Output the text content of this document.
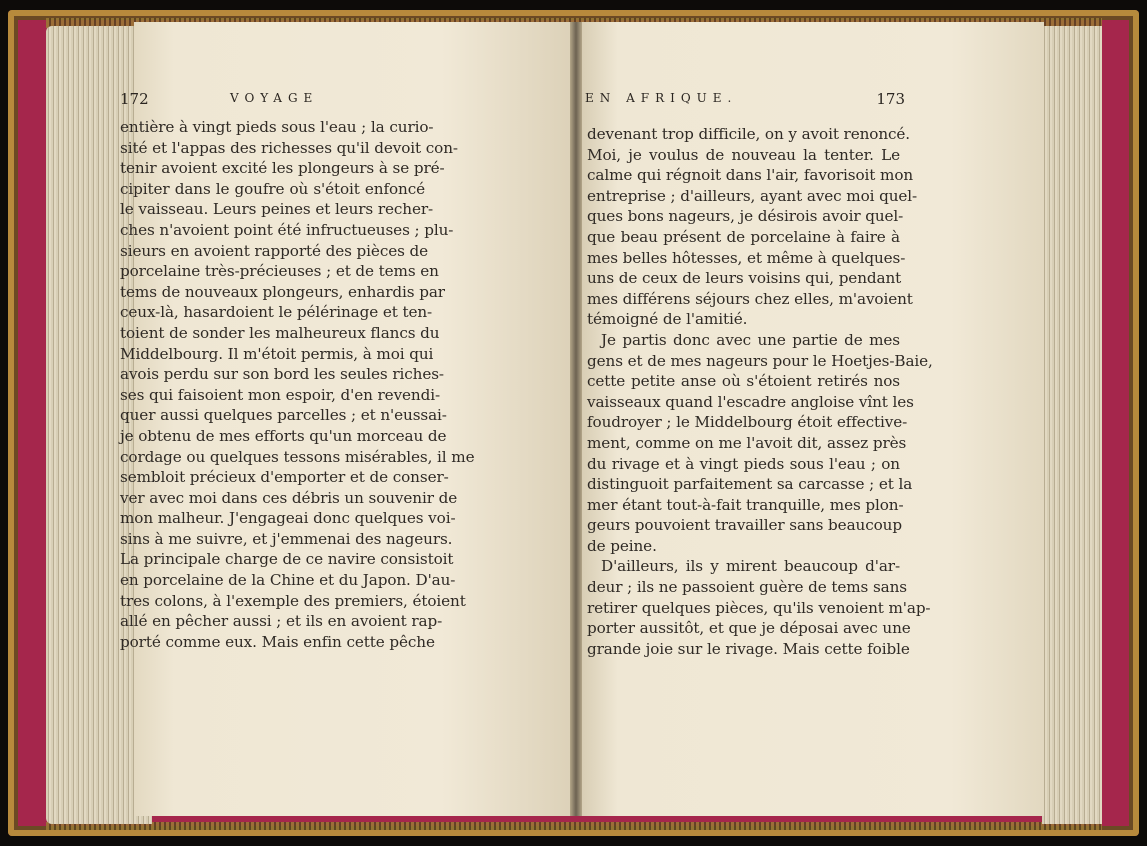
172	VOYAGE	EN AFRIQUE.	173
entière à vingt pieds sous l'eau ; la curio-
sité et l'appas des richesses qu'il devoit con-
tenir avoient excité les plongeurs à se pré-
cipiter dans le goufre où s'étoit enfoncé
le vaisseau. Leurs peines et leurs recher-
ches n'avoient point été infructueuses ; plu-
sieurs en avoient rapporté des pièces de
porcelaine très-précieuses ; et de tems en
tems de nouveaux plongeurs, enhardis par
ceux-là, hasardoient le pélérinage et ten-
toient de sonder les malheureux flancs du
Middelbourg. Il m'étoit permis, à moi qui
avois perdu sur son bord les seules riches-
ses qui faisoient mon espoir, d'en revendi-
quer aussi quelques parcelles ; et n'eussai-
je obtenu de mes efforts qu'un morceau de
cordage ou quelques tessons misérables, il me
sembloit précieux d'emporter et de conser-
ver avec moi dans ces débris un souvenir de
mon malheur. J'engageai donc quelques voi-
sins à me suivre, et j'emmenai des nageurs.
La principale charge de ce navire consistoit
en porcelaine de la Chine et du Japon. D'au-
tres colons, à l'exemple des premiers, étoient
allé en pêcher aussi ; et ils en avoient rap-
porté comme eux. Mais enfin cette pêche
devenant trop difficile, on y avoit renoncé.
Moi, je voulus de nouveau la tenter. Le
calme qui régnoit dans l'air, favorisoit mon
entreprise ; d'ailleurs, ayant avec moi quel-
ques bons nageurs, je désirois avoir quel-
que beau présent de porcelaine à faire à
mes belles hôtesses, et même à quelques-
uns de ceux de leurs voisins qui, pendant
mes différens séjours chez elles, m'avoient
témoigné de l'amitié.
Je partis donc avec une partie de mes
gens et de mes nageurs pour le Hoetjes-Baie,
cette petite anse où s'étoient retirés nos
vaisseaux quand l'escadre angloise vînt les
foudroyer ; le Middelbourg étoit effective-
ment, comme on me l'avoit dit, assez près
du rivage et à vingt pieds sous l'eau ; on
distinguoit parfaitement sa carcasse ; et la
mer étant tout-à-fait tranquille, mes plon-
geurs pouvoient travailler sans beaucoup
de peine.
D'ailleurs, ils y mirent beaucoup d'ar-
deur ; ils ne passoient guère de tems sans
retirer quelques pièces, qu'ils venoient m'ap-
porter aussitôt, et que je déposai avec une
grande joie sur le rivage. Mais cette foible
